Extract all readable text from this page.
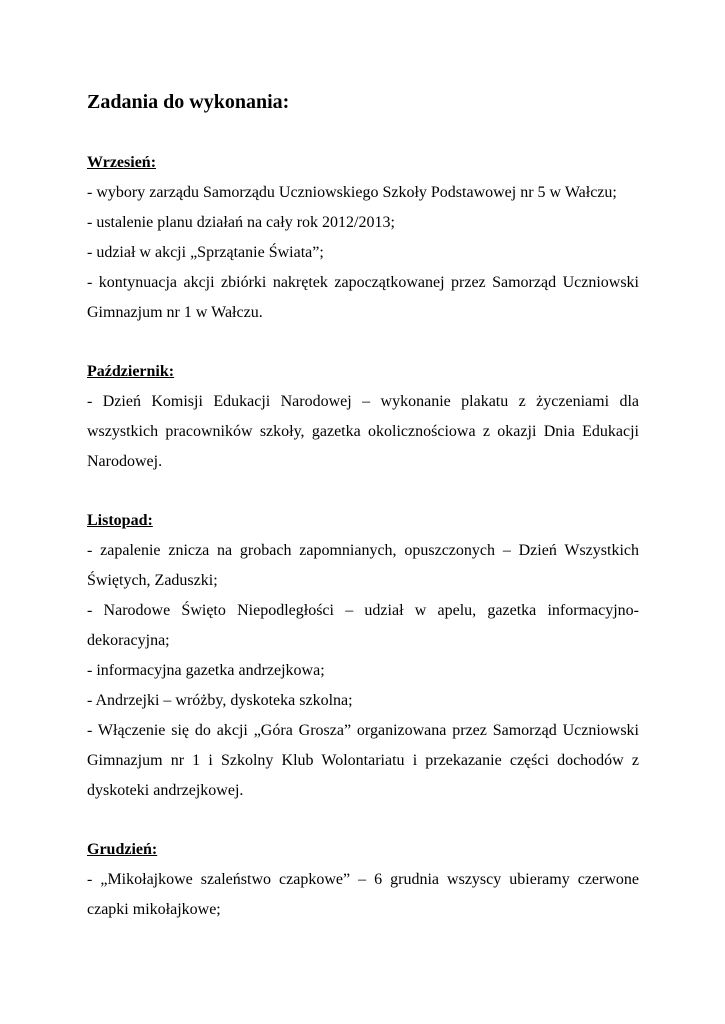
Zadania do wykonania:

Wrzesień:

- wybory zarządu Samorządu Uczniowskiego Szkoły Podstawowej nr 5 w Wałczu;

- ustalenie planu działań na cały rok 2012/2013;

- udział w akcji „Sprzątanie Świata”;

- kontynuacja akcji zbiórki nakrętek zapoczątkowanej przez Samorząd Uczniowski Gimnazjum nr 1 w Wałczu.

Październik:

- Dzień Komisji Edukacji Narodowej – wykonanie plakatu z życzeniami dla wszystkich pracowników szkoły, gazetka okolicznościowa z okazji Dnia Edukacji Narodowej.

Listopad:

- zapalenie znicza na grobach zapomnianych, opuszczonych – Dzień Wszystkich Świętych, Zaduszki;

- Narodowe Święto Niepodległości – udział w apelu, gazetka informacyjno-dekoracyjna;

- informacyjna gazetka andrzejkowa;

- Andrzejki – wróżby, dyskoteka szkolna;

- Włączenie się do akcji „Góra Grosza” organizowana przez Samorząd Uczniowski Gimnazjum nr 1 i Szkolny Klub Wolontariatu i przekazanie części dochodów z dyskoteki andrzejkowej.

Grudzień:

- „Mikołajkowe szaleństwo czapkowe” – 6 grudnia wszyscy ubieramy czerwone czapki mikołajkowe;
